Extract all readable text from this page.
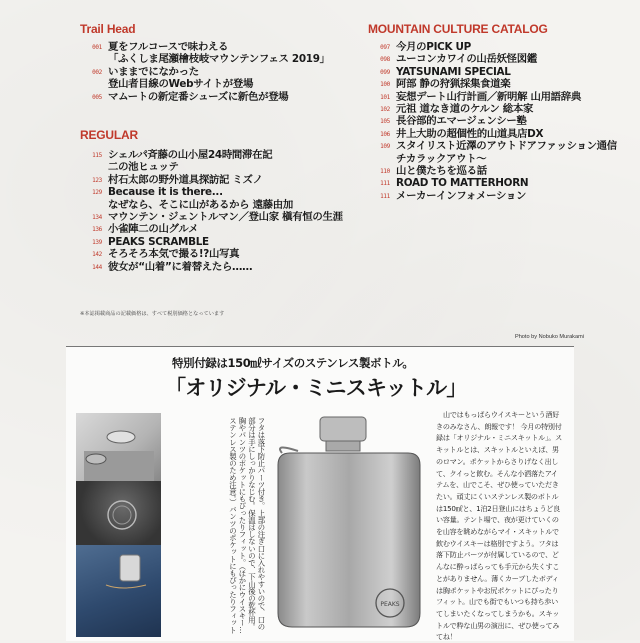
Trail Head
001 夏をフルコースで味わえる
「ふくしま尾瀬檜枝岐マウンテンフェス 2019」
002 いままでになかった
登山者目線のWebサイトが登場
005 マムートの新定番シューズに新色が登場
REGULAR
115 シェルパ斉藤の山小屋24時間滞在記
二の池ヒュッテ
123 村石太郎の野外道具探訪記 ミズノ
129 Because it is there...
なぜなら、そこに山があるから 遠藤由加
134 マウンテン・ジェントルマン／登山家 槇有恒の生涯
136 小雀陣二の山グルメ
139 PEAKS SCRAMBLE
142 そろそろ本気で撮る!?山写真
144 彼女が“山着”に着替えたら……
MOUNTAIN CULTURE CATALOG
097 今月のPICK UP
098 ユーコンカワイの山岳妖怪図鑑
099 YATSUNAMI SPECIAL
100 阿部 静の狩猟採集食道楽
101 妄想デート山行計画／新明解 山用語辞典
102 元祖 道なき道のケルン 総本家
105 長谷部的エマージェンシー塾
106 井上大助の超個性的山道具店DX
109 スタイリスト近澤のアウトドアファッション通信
チカラックアウト～
110 山と僕たちを巡る話
111 ROAD TO MATTERHORN
111 メーカーインフォメーション
※本誌掲載商品の記載価格は、すべて税別価格となっています
Photo by Nobuko Murakami
特別付録は150㎖サイズのステンレス製ボトル。
「オリジナル・ミニスキットル」
フタは落下防止パーツ付き。上部の注ぎ口に入れやすいので、口の部分は手にしっかりなじむ。保温はしないので、下山後の乾杯用。胸やパンツのポケットにもぴったりフィット。（ほかにウイスキー…ステンレス製のため注意。）バンツのポケットにもぴったりフィット	PEAKS
山ではもっぱらウイスキーという酒好きのみなさん、朗報です！ 今月の特別付録は「オリジナル・ミニスキットル」。スキットルとは、スキットルといえば、男のロマン。ポケットからさりげなく出して、クイっと飲む。そんな小洒落たアイテムを、山でこそ、ぜひ使っていただきたい。頑丈にくいステンレス製のボトルは150㎖と、1泊2日登山にはちょうど良い容量。テント場で、夜が更けていくのを山容を眺めながらマイ・スキットルで飲むウイスキーは格別ですよう。フタは落下防止パーツが付属しているので、どんなに酔っぱらっても手元から失くすことがありません。薄くカーブしたボディは胸ポケットやお尻ポケットにぴったりフィット。山でも街でもいつも持ち歩いてしまいたくなってしまうかも。スキットルで粋な山男の演出に、ぜひ使ってみてね！
